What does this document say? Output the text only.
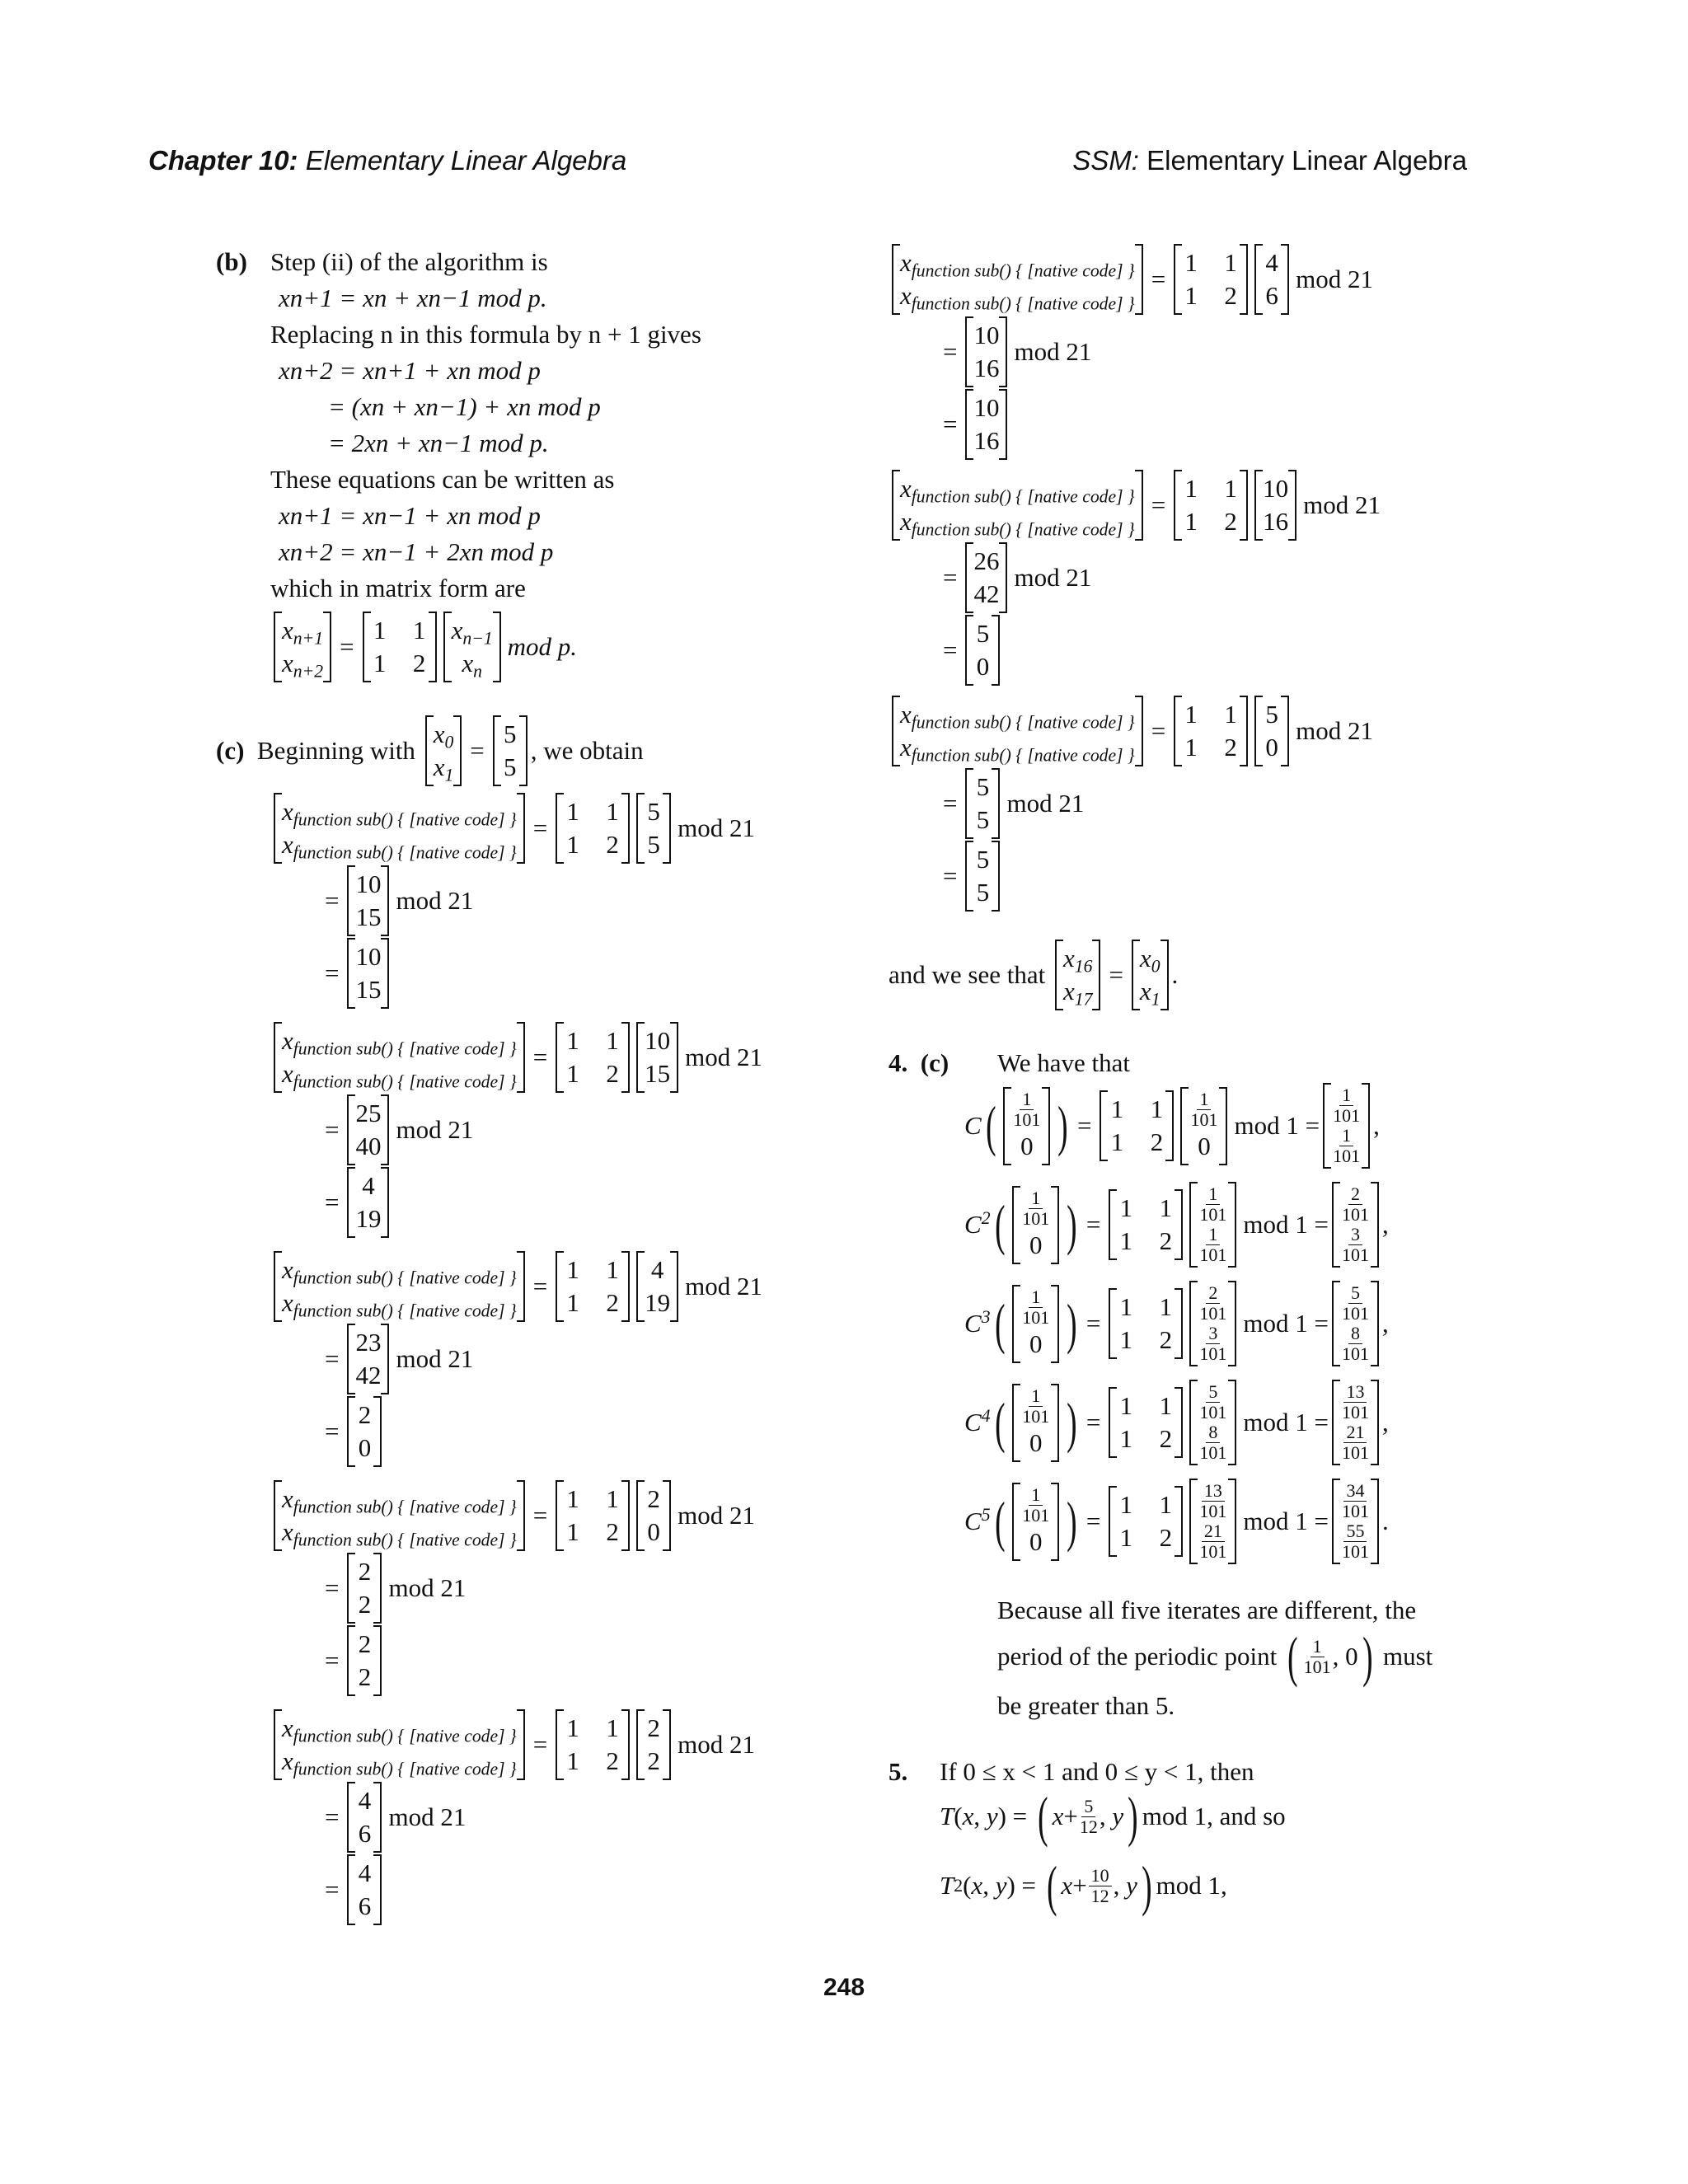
Chapter 10: Elementary Linear Algebra	SSM: Elementary Linear Algebra
(b) Step (ii) of the algorithm is
xn+1 = xn + xn−1 mod p.
Replacing n in this formula by n + 1 gives
xn+2 = xn+1 + xn mod p
= (xn + xn−1) + xn mod p
= 2xn + xn−1 mod p.
These equations can be written as
xn+1 = xn−1 + xn mod p
xn+2 = xn−1 + 2xn mod p
which in matrix form are
$x_{n+1}$
$x_{n+2}$
=
1 1
1 2
$x_{n-1}$
$x_n$
mod p.
(c)
Beginning with

$x_0$
$x_1$
=
5
5
, we obtain
$x_{function sub() \{ [native code] \}}$
$x_{function sub() \{ [native code] \}}$
=
1 1
1 2
5
5
mod 21
=
10
15
mod 21
=
10
15
$x_{function sub() \{ [native code] \}}$
$x_{function sub() \{ [native code] \}}$
=
1 1
1 2
10
15
mod 21
=
25
40
mod 21
=
4
19
$x_{function sub() \{ [native code] \}}$
$x_{function sub() \{ [native code] \}}$
=
1 1
1 2
4
19
mod 21
=
23
42
mod 21
=
2
0
$x_{function sub() \{ [native code] \}}$
$x_{function sub() \{ [native code] \}}$
=
1 1
1 2
2
0
mod 21
=
2
2
mod 21
=
2
2
$x_{function sub() \{ [native code] \}}$
$x_{function sub() \{ [native code] \}}$
=
1 1
1 2
2
2
mod 21
=
4
6
mod 21
=
4
6
$x_{function sub() \{ [native code] \}}$
$x_{function sub() \{ [native code] \}}$
=
1 1
1 2
4
6
mod 21
=
10
16
mod 21
=
10
16
$x_{function sub() \{ [native code] \}}$
$x_{function sub() \{ [native code] \}}$
=
1 1
1 2
10
16
mod 21
=
26
42
mod 21
=
5
0
$x_{function sub() \{ [native code] \}}$
$x_{function sub() \{ [native code] \}}$
=
1 1
1 2
5
0
mod 21
=
5
5
mod 21
=
5
5
and we see that

$x_{16}$
$x_{17}$
=
$x_0$
$x_1$
.
4. (c) We have that
C ( $\frac{1}{101}$
0 ) =
1 1
1 2
$\frac{1}{101}$
0
mod $1 = \frac{1}{101}$
$\frac{1}{101}$
,
$C^2$ ( $\frac{1}{101}$
0 ) =
1 1
1 2
$\frac{1}{101}$
$\frac{1}{101}$
mod $1 = \frac{2}{101}$
$\frac{3}{101}$
,
$C^3$ ( $\frac{1}{101}$
0 ) =
1 1
1 2
$\frac{2}{101}$
$\frac{3}{101}$
mod $1 = \frac{5}{101}$
$\frac{8}{101}$
,
$C^4$ ( $\frac{1}{101}$
0 ) =
1 1
1 2
$\frac{5}{101}$
$\frac{8}{101}$
mod $1 = \frac{13}{101}$
$\frac{21}{101}$
,
$C^5$ ( $\frac{1}{101}$
0 ) =
1 1
1 2
$\frac{13}{101}$
$\frac{21}{101}$
mod $1 = \frac{34}{101}$
$\frac{55}{101}$
.
Because all five iterates are different, the
period of the periodic point
( $\frac{1}{101}$ , 0 )
must
be greater than 5.
5. If 0 ≤ x < 1 and 0 ≤ y < 1, then
T ( x , y ) = ( $x + \frac{5}{12}$ , y ) mod 1, and so
T 2 ( x , y ) = ( $x + \frac{10}{12}$ , y ) mod 1,
248
